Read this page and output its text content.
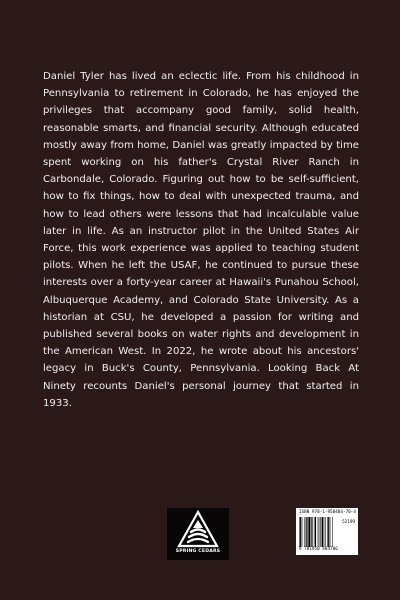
Daniel Tyler has lived an eclectic life. From his childhood in Pennsylvania to retirement in Colorado, he has enjoyed the privileges that accompany good family, solid health, reasonable smarts, and financial security. Although educated mostly away from home, Daniel was greatly impacted by time spent working on his father's Crystal River Ranch in Carbondale, Colorado. Figuring out how to be self-sufficient, how to fix things, how to deal with unexpected trauma, and how to lead others were lessons that had incalculable value later in life. As an instructor pilot in the United States Air Force, this work experience was applied to teaching student pilots. When he left the USAF, he continued to pursue these interests over a forty-year career at Hawaii's Punahou School, Albuquerque Academy, and Colorado State University. As a historian at CSU, he developed a passion for writing and published several books on water rights and development in the American West. In 2022, he wrote about his ancestors' legacy in Buck's County, Pennsylvania. Looking Back At Ninety recounts Daniel's personal journey that started in 1933.

SPRING CEDARS
ISBN 978-1-950484-70-4
52199
9 781950 484706
